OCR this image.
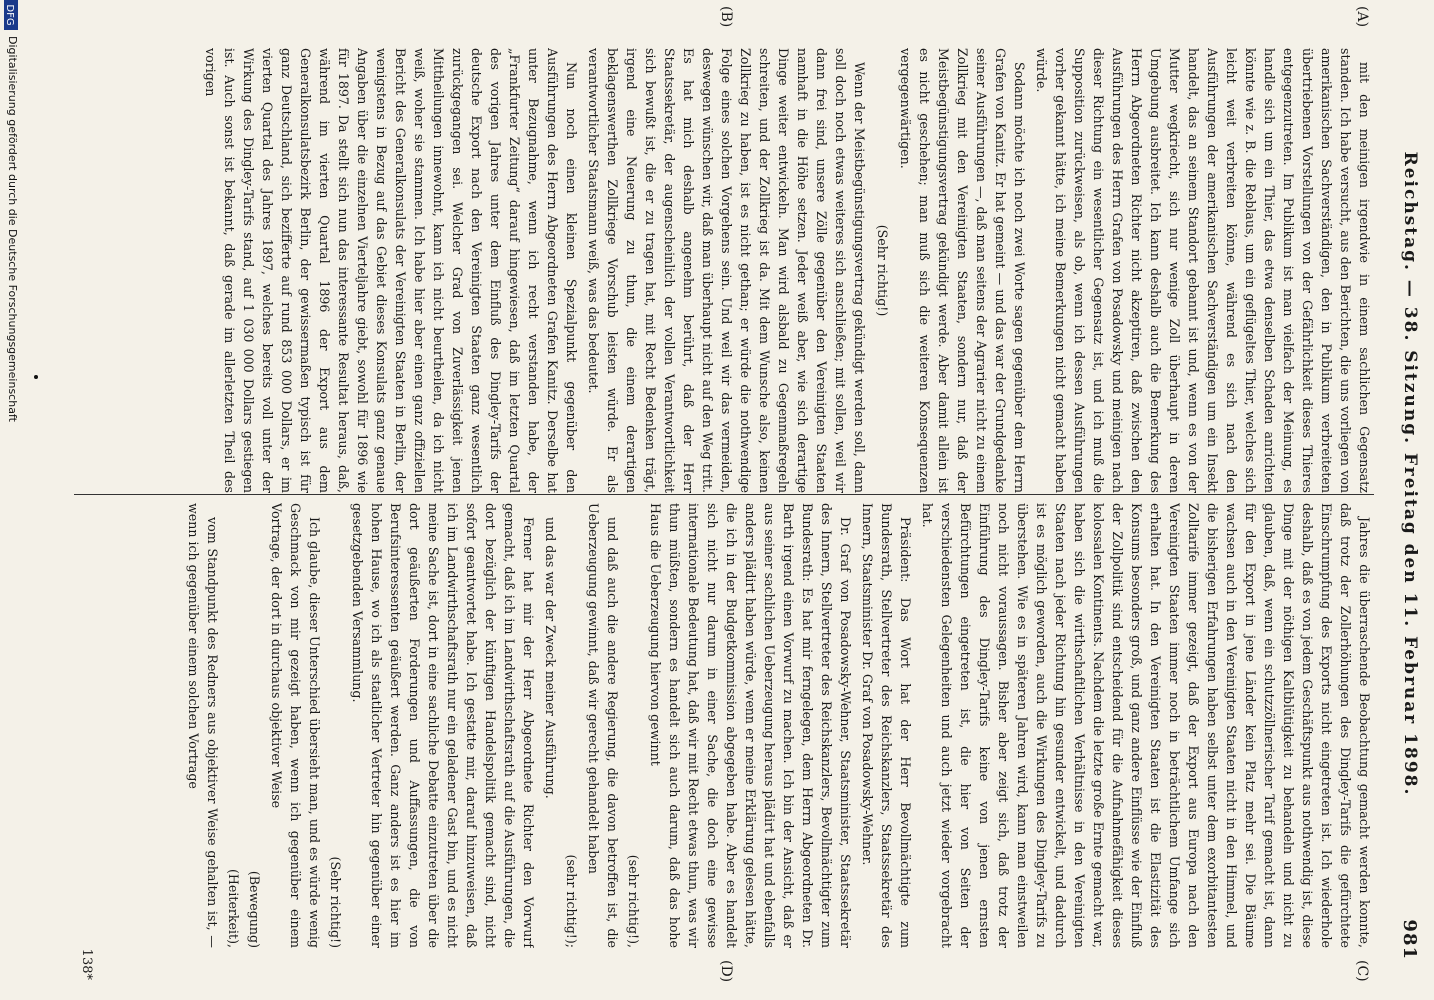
Reichstag. — 38. Sitzung. Freitag den 11. Februar 1898.
981
(A)
(B)
(C)
(D)

mit den meinigen irgendwie in einem sachlichen Gegensatz standen. Ich habe versucht, aus den Berichten, die uns vorliegen von amerikanischen Sachverständigen, den in Publikum verbreiteten übertriebenen Vorstellungen von der Gefährlichkeit dieses Thieres entgegenzutreten. Im Publikum ist man vielfach der Meinung, es handle sich um ein Thier, das etwa denselben Schaden anrichten könnte wie z. B. die Reblaus, um ein geflügeltes Thier, welches sich leicht weit verbreiten könne, während es sich nach den Ausführungen der amerikanischen Sachverständigen um ein Insekt handelt, das an seinem Standort gebannt ist und, wenn es von der Mutter wegkriecht, sich nur wenige Zoll überhaupt in deren Umgebung ausbreitet. Ich kann deshalb auch die Bemerkung des Herrn Abgeordneten Richter nicht akzeptiren, daß zwischen den Ausführungen des Herrn Grafen von Posadowsky und meinigen nach dieser Richtung ein wesentlicher Gegensatz ist, und ich muß die Supposition zurückweisen, als ob, wenn ich dessen Ausführungen vorher gekannt hätte, ich meine Bemerkungen nicht gemacht haben würde.

Sodann möchte ich noch zwei Worte sagen gegenüber dem Herrn Grafen von Kanitz. Er hat gemeint — und das war der Grundgedanke seiner Ausführungen —, daß man seitens der Agrarier nicht zu einem Zollkrieg mit den Vereinigten Staaten, sondern nur, daß der Meistbegünstigungsvertrag gekündigt werde. Aber damit allein ist es nicht geschehen; man muß sich die weiteren Konsequenzen vergegenwärtigen.

(Sehr richtig!)

Wenn der Meistbegünstigungsvertrag gekündigt werden soll, dann soll doch noch etwas weiteres sich anschließen; mit sollen, weil wir dann frei sind, unsere Zölle gegenüber den Vereinigten Staaten namhaft in die Höhe setzen. Jeder weiß aber, wie sich derartige Dinge weiter entwickeln. Man wird alsbald zu Gegenmaßregeln schreiten, und der Zollkrieg ist da. Mit dem Wunsche also, keinen Zollkrieg zu haben, ist es nicht gethan; er würde die nothwendige Folge eines solchen Vorgehens sein. Und weil wir das vermeiden, deswegen wünschen wir, daß man überhaupt nicht auf den Weg tritt. Es hat mich deshalb angenehm berührt, daß der Herr Staatssekretär, der augenscheinlich der vollen Verantwortlichkeit sich bewußt ist, die er zu tragen hat, mit Recht Bedenken trägt, irgend eine Neuerung zu thun, die einem derartigen beklagenswerthen Zollkriege Vorschub leisten würde. Er als verantwortlicher Staatsmann weiß, was das bedeutet.

Nun noch einen kleinen Spezialpunkt gegenüber den Ausführungen des Herrn Abgeordneten Grafen Kanitz. Derselbe hat unter Bezugnahme, wenn ich recht verstanden habe, der „Frankfurter Zeitung“ darauf hingewiesen, daß im letzten Quartal des vorigen Jahres unter dem Einfluß des Dingley-Tarifs der deutsche Export nach den Vereinigten Staaten ganz wesentlich zurückgegangen sei. Welcher Grad von Zuverlässigkeit jenen Mittheilungen innewohnt, kann ich nicht beurtheilen, da ich nicht weiß, woher sie stammen. Ich habe hier aber einen ganz offiziellen Bericht des Generalkonsulats der Vereinigten Staaten in Berlin, der wenigstens in Bezug auf das Gebiet dieses Konsulats ganz genaue Angaben über die einzelnen Vierteljahre giebt, sowohl für 1896 wie für 1897. Da stellt sich nun das interessante Resultat heraus, daß, während im vierten Quartal 1896 der Export aus dem Generalkonsulatsbezirk Berlin, der gewissermaßen typisch ist für ganz Deutschland, sich bezifferte auf rund 853 000 Dollars, er im vierten Quartal des Jahres 1897, welches bereits voll unter der Wirkung des Dingley-Tarifs stand, auf 1 030 000 Dollars gestiegen ist. Auch sonst ist bekannt, daß gerade im allerletzten Theil des vorigen

Jahres die überraschende Beobachtung gemacht werden konnte, daß trotz der Zollerhöhungen des Dingley-Tarifs die gefürchtete Einschrumpfung des Exports nicht eingetreten ist. Ich wiederhole deshalb, daß es von jedem Geschäftspunkt aus nothwendig ist, diese Dinge mit der nöthigen Kaltblütigkeit zu behandeln und nicht zu glauben, daß, wenn ein schutzzöllnerischer Tarif gemacht ist, dann für den Export in jene Länder kein Platz mehr sei. Die Bäume wachsen auch in den Vereinigten Staaten nicht in den Himmel, und die bisherigen Erfahrungen haben selbst unter dem exorbitantesten Zolltarife immer gezeigt, daß der Export aus Europa nach den Vereinigten Staaten immer noch in beträchtlichem Umfange sich erhalten hat. In den Vereinigten Staaten ist die Elastizität des Konsums besonders groß, und ganz andere Einflüsse wie der Einfluß der Zollpolitik sind entscheidend für die Aufnahmefähigkeit dieses kolossalen Kontinents. Nachdem die letzte große Ernte gemacht war, haben sich die wirthschaftlichen Verhältnisse in den Vereinigten Staaten nach jeder Richtung hin gesunder entwickelt, und dadurch ist es möglich geworden, auch die Wirkungen des Dingley-Tarifs zu überstehen. Wie es in späteren Jahren wird, kann man einstweilen noch nicht voraussagen. Bisher aber zeigt sich, daß trotz der Einführung des Dingley-Tarifs keine von jenen ernsten Befürchtungen eingetreten ist, die hier von Seiten der verschiedensten Gelegenheiten und auch jetzt wieder vorgebracht hat.

Präsident: Das Wort hat der Herr Bevollmächtigte zum Bundesrath, Stellvertreter des Reichskanzlers, Staatssekretär des Innern, Staatsminister Dr. Graf von Posadowsky-Wehner.

Dr. Graf von Posadowsky-Wehner, Staatsminister, Staatssekretär des Innern, Stellvertreter des Reichskanzlers, Bevollmächtigter zum Bundesrath: Es hat mir ferngelegen, dem Herrn Abgeordneten Dr. Barth irgend einen Vorwurf zu machen. Ich bin der Ansicht, daß er aus seiner sachlichen Ueberzeugung heraus plädirt hat und ebenfalls anders plädirt haben würde, wenn er meine Erklärung gelesen hätte, die ich in der Budgetkommission abgegeben habe. Aber es handelt sich nicht nur darum in einer Sache, die doch eine gewisse internationale Bedeutung hat, daß wir mit Recht etwas thun, was wir thun müßten, sondern es handelt sich auch darum, daß das hohe Haus die Ueberzeugung hiervon gewinnt

(sehr richtig!),

und daß auch die andere Regierung, die davon betroffen ist, die Ueberzeugung gewinnt, daß wir gerecht gehandelt haben

(sehr richtig!);

und das war der Zweck meiner Ausführung.

Ferner hat mir der Herr Abgeordnete Richter den Vorwurf gemacht, daß ich im Landwirthschaftsrath auf die Ausführungen, die dort bezüglich der künftigen Handelspolitik gemacht sind, nicht sofort geantwortet habe. Ich gestatte mir, darauf hinzuweisen, daß ich im Landwirthschaftsrath nur ein geladener Gast bin, und es nicht meine Sache ist, dort in eine sachliche Debatte einzutreten über die dort geäußerten Forderungen und Auffassungen, die von Berufsinteressenten geäußert werden. Ganz anders ist es hier im hohen Hause, wo ich als staatlicher Vertreter hin gegenüber einer gesetzgebenden Versammlung.

(Sehr richtig!)

Ich glaube, dieser Unterschied übersieht man, und es würde wenig Geschmack von mir gezeigt haben, wenn ich gegenüber einem Vortrage, der dort in durchaus objektiver Weise

(Bewegung)

(Heiterkeit),

vom Standpunkt des Redners aus objektiver Weise gehalten ist, — wenn ich gegenüber einem solchen Vortrage

138*
DFG
Digitalisierung gefördert durch die Deutsche Forschungsgemeinschaft
